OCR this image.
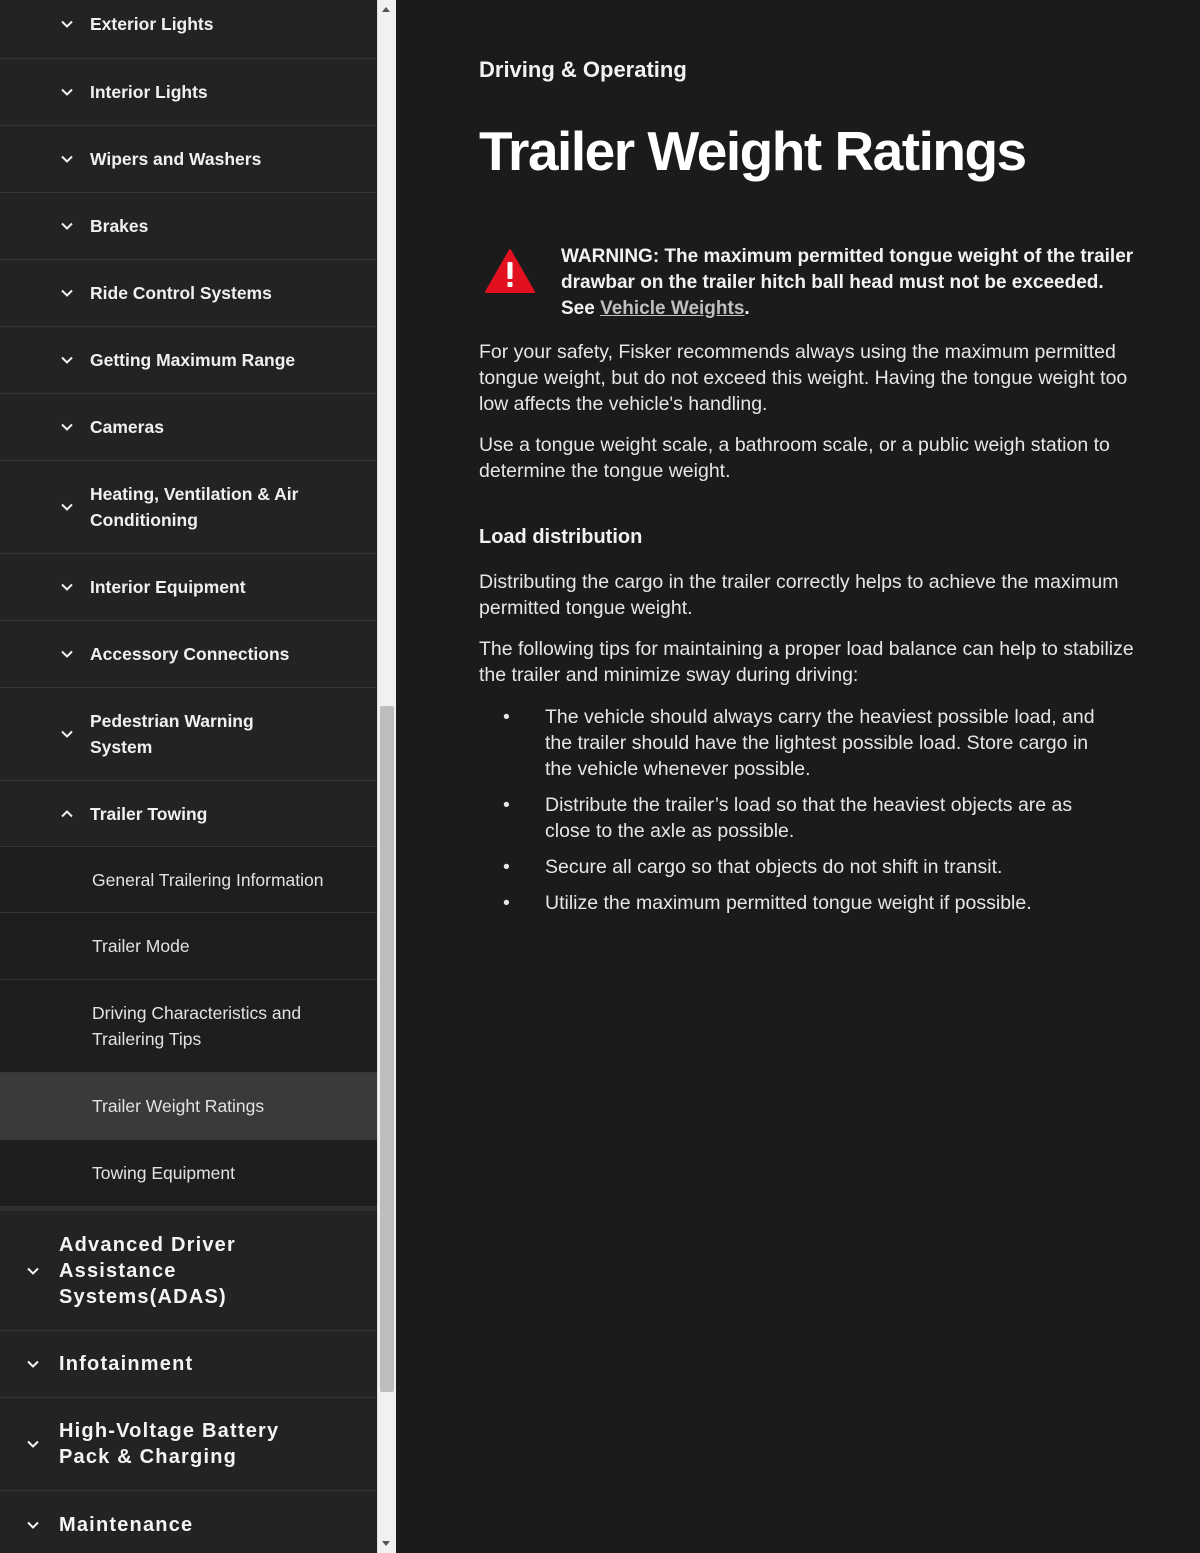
Exterior Lights
Interior Lights
Wipers and Washers
Brakes
Ride Control Systems
Getting Maximum Range
Cameras
Heating, Ventilation & Air Conditioning
Interior Equipment
Accessory Connections
Pedestrian Warning System
Trailer Towing
General Trailering Information
Trailer Mode
Driving Characteristics and Trailering Tips
Trailer Weight Ratings
Towing Equipment
Advanced Driver Assistance Systems(ADAS)
Infotainment
High-Voltage Battery Pack & Charging
Maintenance
Driving & Operating
Trailer Weight Ratings
WARNING: The maximum permitted tongue weight of the trailer drawbar on the trailer hitch ball head must not be exceeded. See Vehicle Weights.

For your safety, Fisker recommends always using the maximum permitted tongue weight, but do not exceed this weight. Having the tongue weight too low affects the vehicle's handling.

Use a tongue weight scale, a bathroom scale, or a public weigh station to determine the tongue weight.

Load distribution

Distributing the cargo in the trailer correctly helps to achieve the maximum permitted tongue weight.

The following tips for maintaining a proper load balance can help to stabilize the trailer and minimize sway during driving:

• The vehicle should always carry the heaviest possible load, and the trailer should have the lightest possible load. Store cargo in the vehicle whenever possible.
• Distribute the trailer’s load so that the heaviest objects are as close to the axle as possible.
• Secure all cargo so that objects do not shift in transit.
• Utilize the maximum permitted tongue weight if possible.
